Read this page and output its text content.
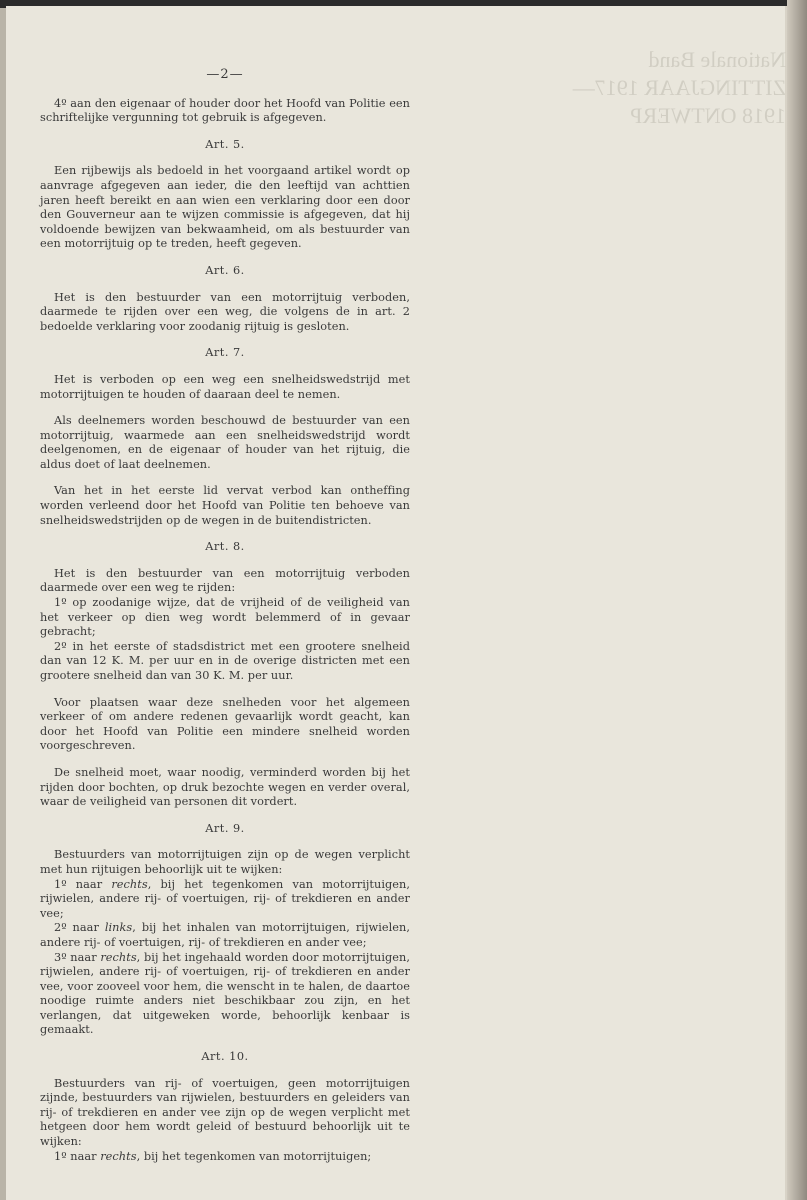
Nationale Band ZITTINGJAAR 1917—1918 ONTWERP
—2—

4º aan den eigenaar of houder door het Hoofd van Politie een schriftelijke vergunning tot gebruik is afgegeven.

Art. 5.

Een rijbewijs als bedoeld in het voorgaand artikel wordt op aanvrage afgegeven aan ieder, die den leeftijd van achttien jaren heeft bereikt en aan wien een verklaring door een door den Gouverneur aan te wijzen commissie is afgegeven, dat hij voldoende bewijzen van bekwaamheid, om als bestuurder van een motorrijtuig op te treden, heeft gegeven.

Art. 6.

Het is den bestuurder van een motorrijtuig verboden, daarmede te rijden over een weg, die volgens de in art. 2 bedoelde verklaring voor zoodanig rijtuig is gesloten.

Art. 7.

Het is verboden op een weg een snelheidswedstrijd met motorrijtuigen te houden of daaraan deel te nemen.

Als deelnemers worden beschouwd de bestuurder van een motorrijtuig, waarmede aan een snelheidswedstrijd wordt deelgenomen, en de eigenaar of houder van het rijtuig, die aldus doet of laat deelnemen.

Van het in het eerste lid vervat verbod kan ontheffing worden verleend door het Hoofd van Politie ten behoeve van snelheidswedstrijden op de wegen in de buitendistricten.

Art. 8.

Het is den bestuurder van een motorrijtuig verboden daarmede over een weg te rijden:

1º op zoodanige wijze, dat de vrijheid of de veiligheid van het verkeer op dien weg wordt belemmerd of in gevaar gebracht;

2º in het eerste of stadsdistrict met een grootere snelheid dan van 12 K. M. per uur en in de overige districten met een grootere snelheid dan van 30 K. M. per uur.

Voor plaatsen waar deze snelheden voor het algemeen verkeer of om andere redenen gevaarlijk wordt geacht, kan door het Hoofd van Politie een mindere snelheid worden voorgeschreven.

De snelheid moet, waar noodig, verminderd worden bij het rijden door bochten, op druk bezochte wegen en verder overal, waar de veiligheid van personen dit vordert.

Art. 9.

Bestuurders van motorrijtuigen zijn op de wegen verplicht met hun rijtuigen behoorlijk uit te wijken:

1º naar rechts, bij het tegenkomen van motorrijtuigen, rijwielen, andere rij- of voertuigen, rij- of trekdieren en ander vee;

2º naar links, bij het inhalen van motorrijtuigen, rijwielen, andere rij- of voertuigen, rij- of trekdieren en ander vee;

3º naar rechts, bij het ingehaald worden door motorrijtuigen, rijwielen, andere rij- of voertuigen, rij- of trekdieren en ander vee, voor zooveel voor hem, die wenscht in te halen, de daartoe noodige ruimte anders niet beschikbaar zou zijn, en het verlangen, dat uitgeweken worde, behoorlijk kenbaar is gemaakt.

Art. 10.

Bestuurders van rij- of voertuigen, geen motorrijtuigen zijnde, bestuurders van rijwielen, bestuurders en geleiders van rij- of trekdieren en ander vee zijn op de wegen verplicht met hetgeen door hem wordt geleid of bestuurd behoorlijk uit te wijken:

1º naar rechts, bij het tegenkomen van motorrijtuigen;
